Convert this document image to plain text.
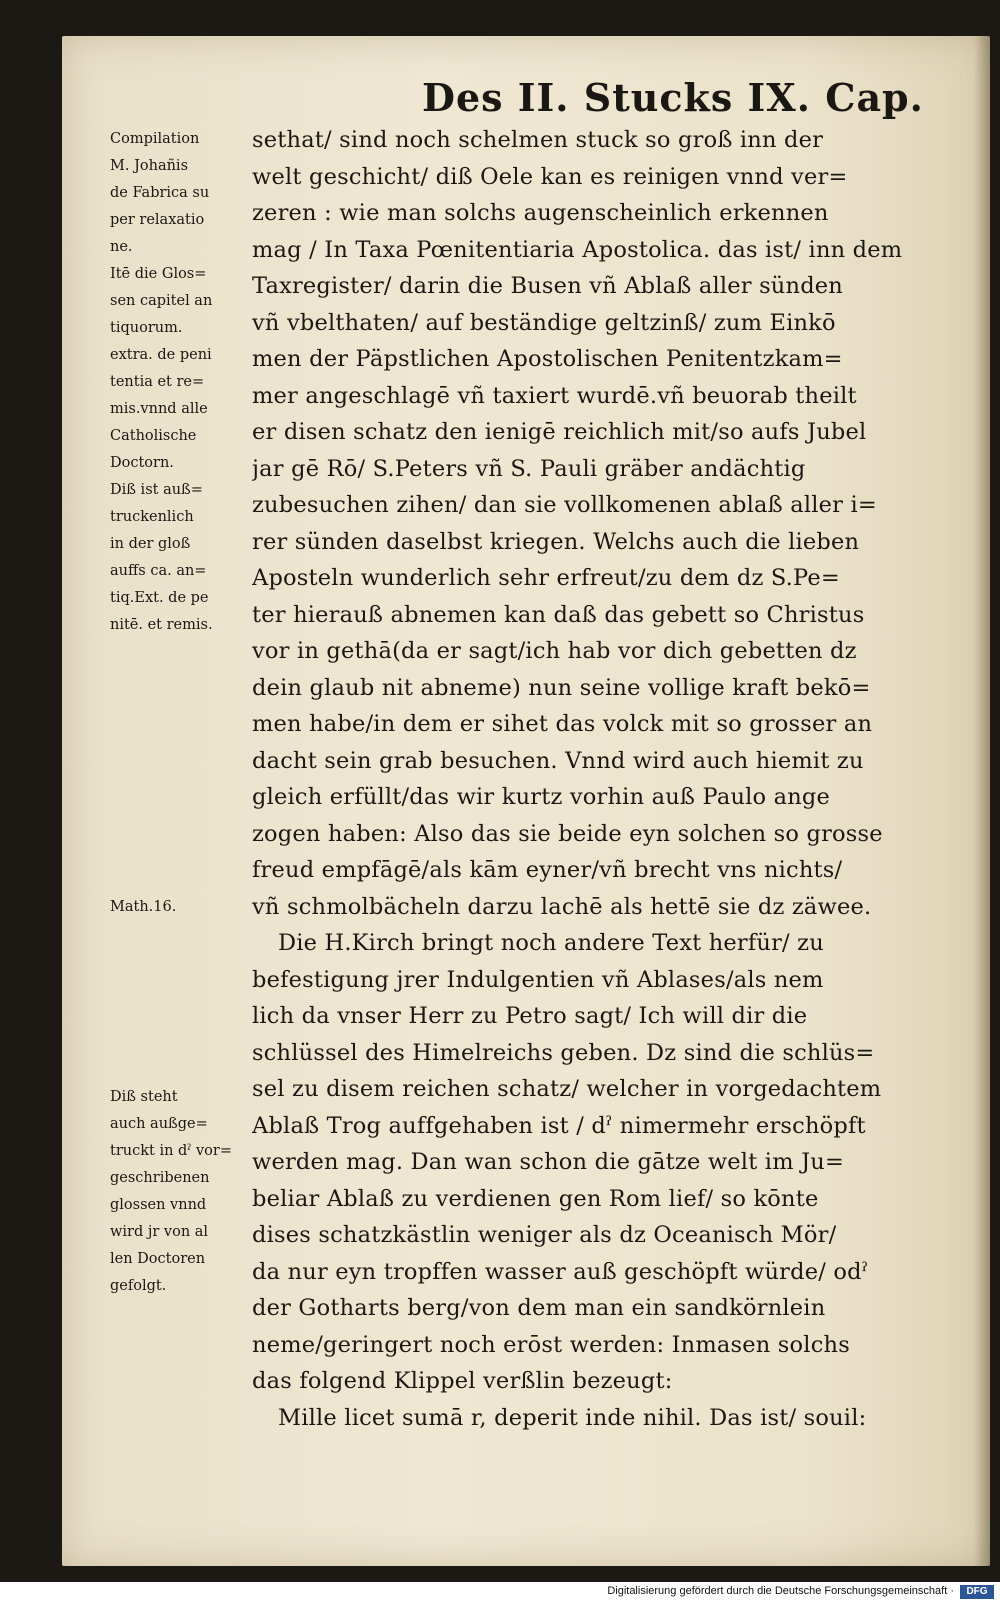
Des II. Stucks IX. Cap.
Compilation
M. Johañis
de Fabrica su
per relaxatio
ne.
Itē die Glos=
sen capitel an
tiquorum.
extra. de peni
tentia et re=
mis.vnnd alle
Catholische
Doctorn.
Diß ist auß=
truckenlich
in der gloß
auffs ca. an=
tiq.Ext. de pe
nitē. et remis.
Math.16.
Diß steht
auch außge=
truckt in dˀ vor=
geschribenen
glossen vnnd
wird jr von al
len Doctoren
gefolgt.
sethat/ sind noch schelmen stuck so groß inn der
welt geschicht/ diß Oele kan es reinigen vnnd ver=
zeren : wie man solchs augenscheinlich erkennen
mag / In Taxa Pœnitentiaria Apostolica. das ist/ inn dem
Taxregister/ darin die Busen vñ Ablaß aller sünden
vñ vbelthaten/ auf beständige geltzinß/ zum Einkō
men der Päpstlichen Apostolischen Penitentzkam=
mer angeschlagē vñ taxiert wurdē.vñ beuorab theilt
er disen schatz den ienigē reichlich mit/so aufs Jubel
jar gē Rō/ S.Peters vñ S. Pauli gräber andächtig
zubesuchen zihen/ dan sie vollkomenen ablaß aller i=
rer sünden daselbst kriegen. Welchs auch die lieben
Aposteln wunderlich sehr erfreut/zu dem dz S.Pe=
ter hierauß abnemen kan daß das gebett so Christus
vor in gethā(da er sagt/ich hab vor dich gebetten dz
dein glaub nit abneme) nun seine vollige kraft bekō=
men habe/in dem er sihet das volck mit so grosser an
dacht sein grab besuchen. Vnnd wird auch hiemit zu
gleich erfüllt/das wir kurtz vorhin auß Paulo ange
zogen haben: Also das sie beide eyn solchen so grosse
freud empfāgē/als kām eyner/vñ brecht vns nichts/
vñ schmolbächeln darzu lachē als hettē sie dz zäwee.
Die H.Kirch bringt noch andere Text herfür/ zu
befestigung jrer Indulgentien vñ Ablases/als nem
lich da vnser Herr zu Petro sagt/ Ich will dir die
schlüssel des Himelreichs geben. Dz sind die schlüs=
sel zu disem reichen schatz/ welcher in vorgedachtem
Ablaß Trog auffgehaben ist / dˀ nimermehr erschöpft
werden mag. Dan wan schon die gātze welt im Ju=
beliar Ablaß zu verdienen gen Rom lief/ so kōnte
dises schatzkästlin weniger als dz Oceanisch Mör/
da nur eyn tropffen wasser auß geschöpft würde/ odˀ
der Gotharts berg/von dem man ein sandkörnlein
neme/geringert noch erōst werden: Inmasen solchs
das folgend Klippel verßlin bezeugt:
Mille licet sumā r, deperit inde nihil. Das ist/ souil:
Digitalisierung gefördert durch die Deutsche Forschungsgemeinschaft ·	DFG
